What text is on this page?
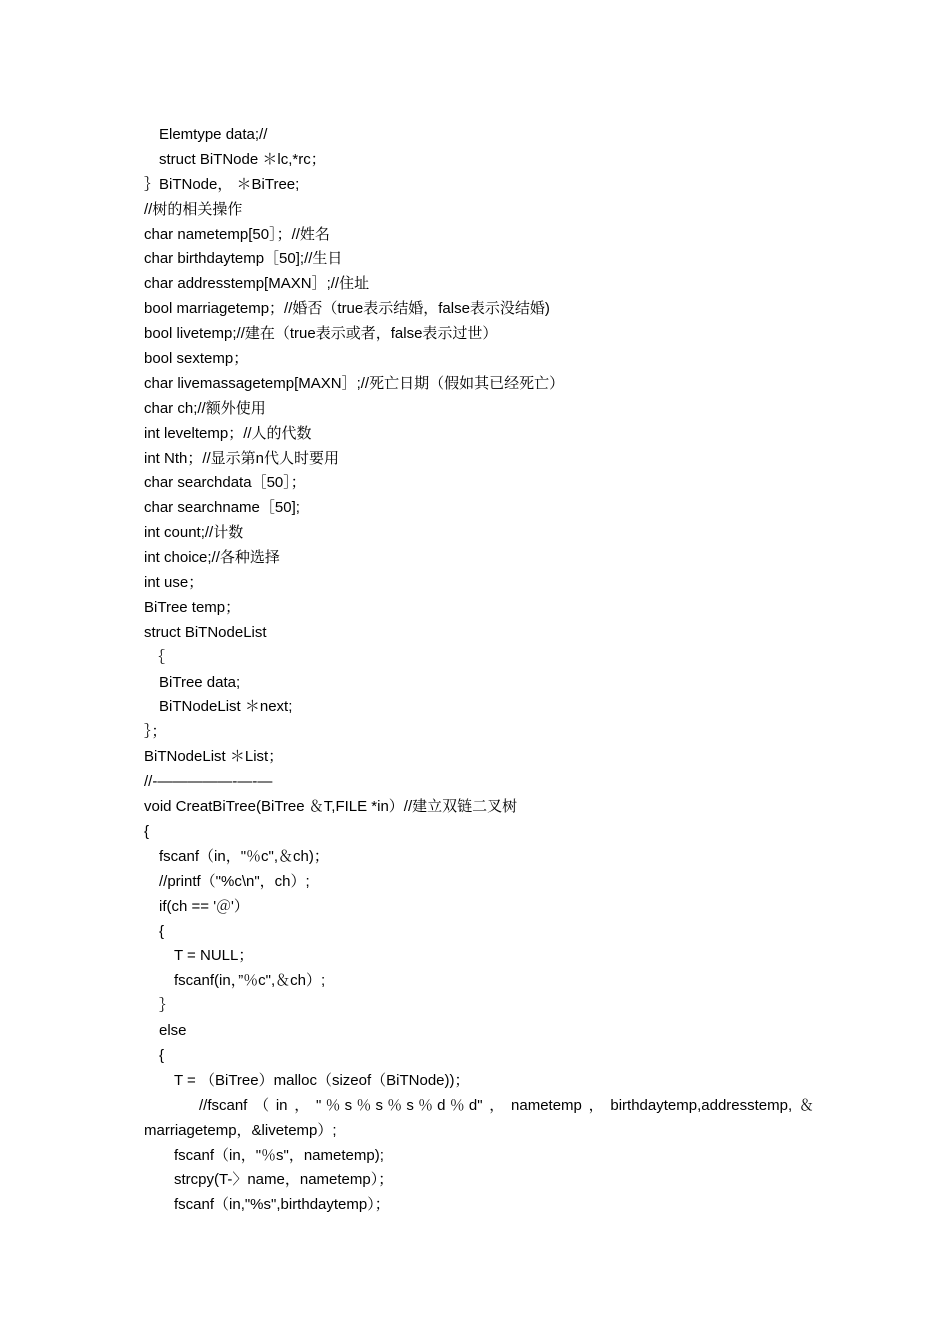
Elemtype data;//
struct BiTNode ＊lc,*rc；
｝BiTNode， ＊BiTree;
//树的相关操作
char nametemp[50］；//姓名
char birthdaytemp［50];//生日
char addresstemp[MAXN］;//住址
bool marriagetemp；//婚否（true表示结婚，false表示没结婚)
bool livetemp;//建在（true表示或者，false表示过世）
bool sextemp；
char livemassagetemp[MAXN］;//死亡日期（假如其已经死亡）
char ch;//额外使用
int leveltemp；//人的代数
int Nth；//显示第n代人时要用
char searchdata［50］；
char searchname［50];
int count;//计数
int choice;//各种选择
int use；
BiTree temp；
struct BiTNodeList
｛
BiTree data;
BiTNodeList ＊next;
｝；
BiTNodeList ＊List；
//-—————-—-—
void CreatBiTree(BiTree ＆T,FILE *in）//建立双链二叉树
{
fscanf（in，"％c",＆ch)；
//printf（"%c\n"，ch）;
if(ch == '＠'）
{
T = NULL；
fscanf(in，”％c",＆ch）;
｝
else
{
T = （BiTree）malloc（sizeof（BiTNode))；
//fscanf （ in ， " ％ s ％ s ％ s ％ d ％ d" ， nametemp ， birthdaytemp,addresstemp, ＆
marriagetemp，&livetemp）;
fscanf（in，"％s"，nametemp);
strcpy(T-〉name，nametemp）；
fscanf（in,"%s",birthdaytemp）；
